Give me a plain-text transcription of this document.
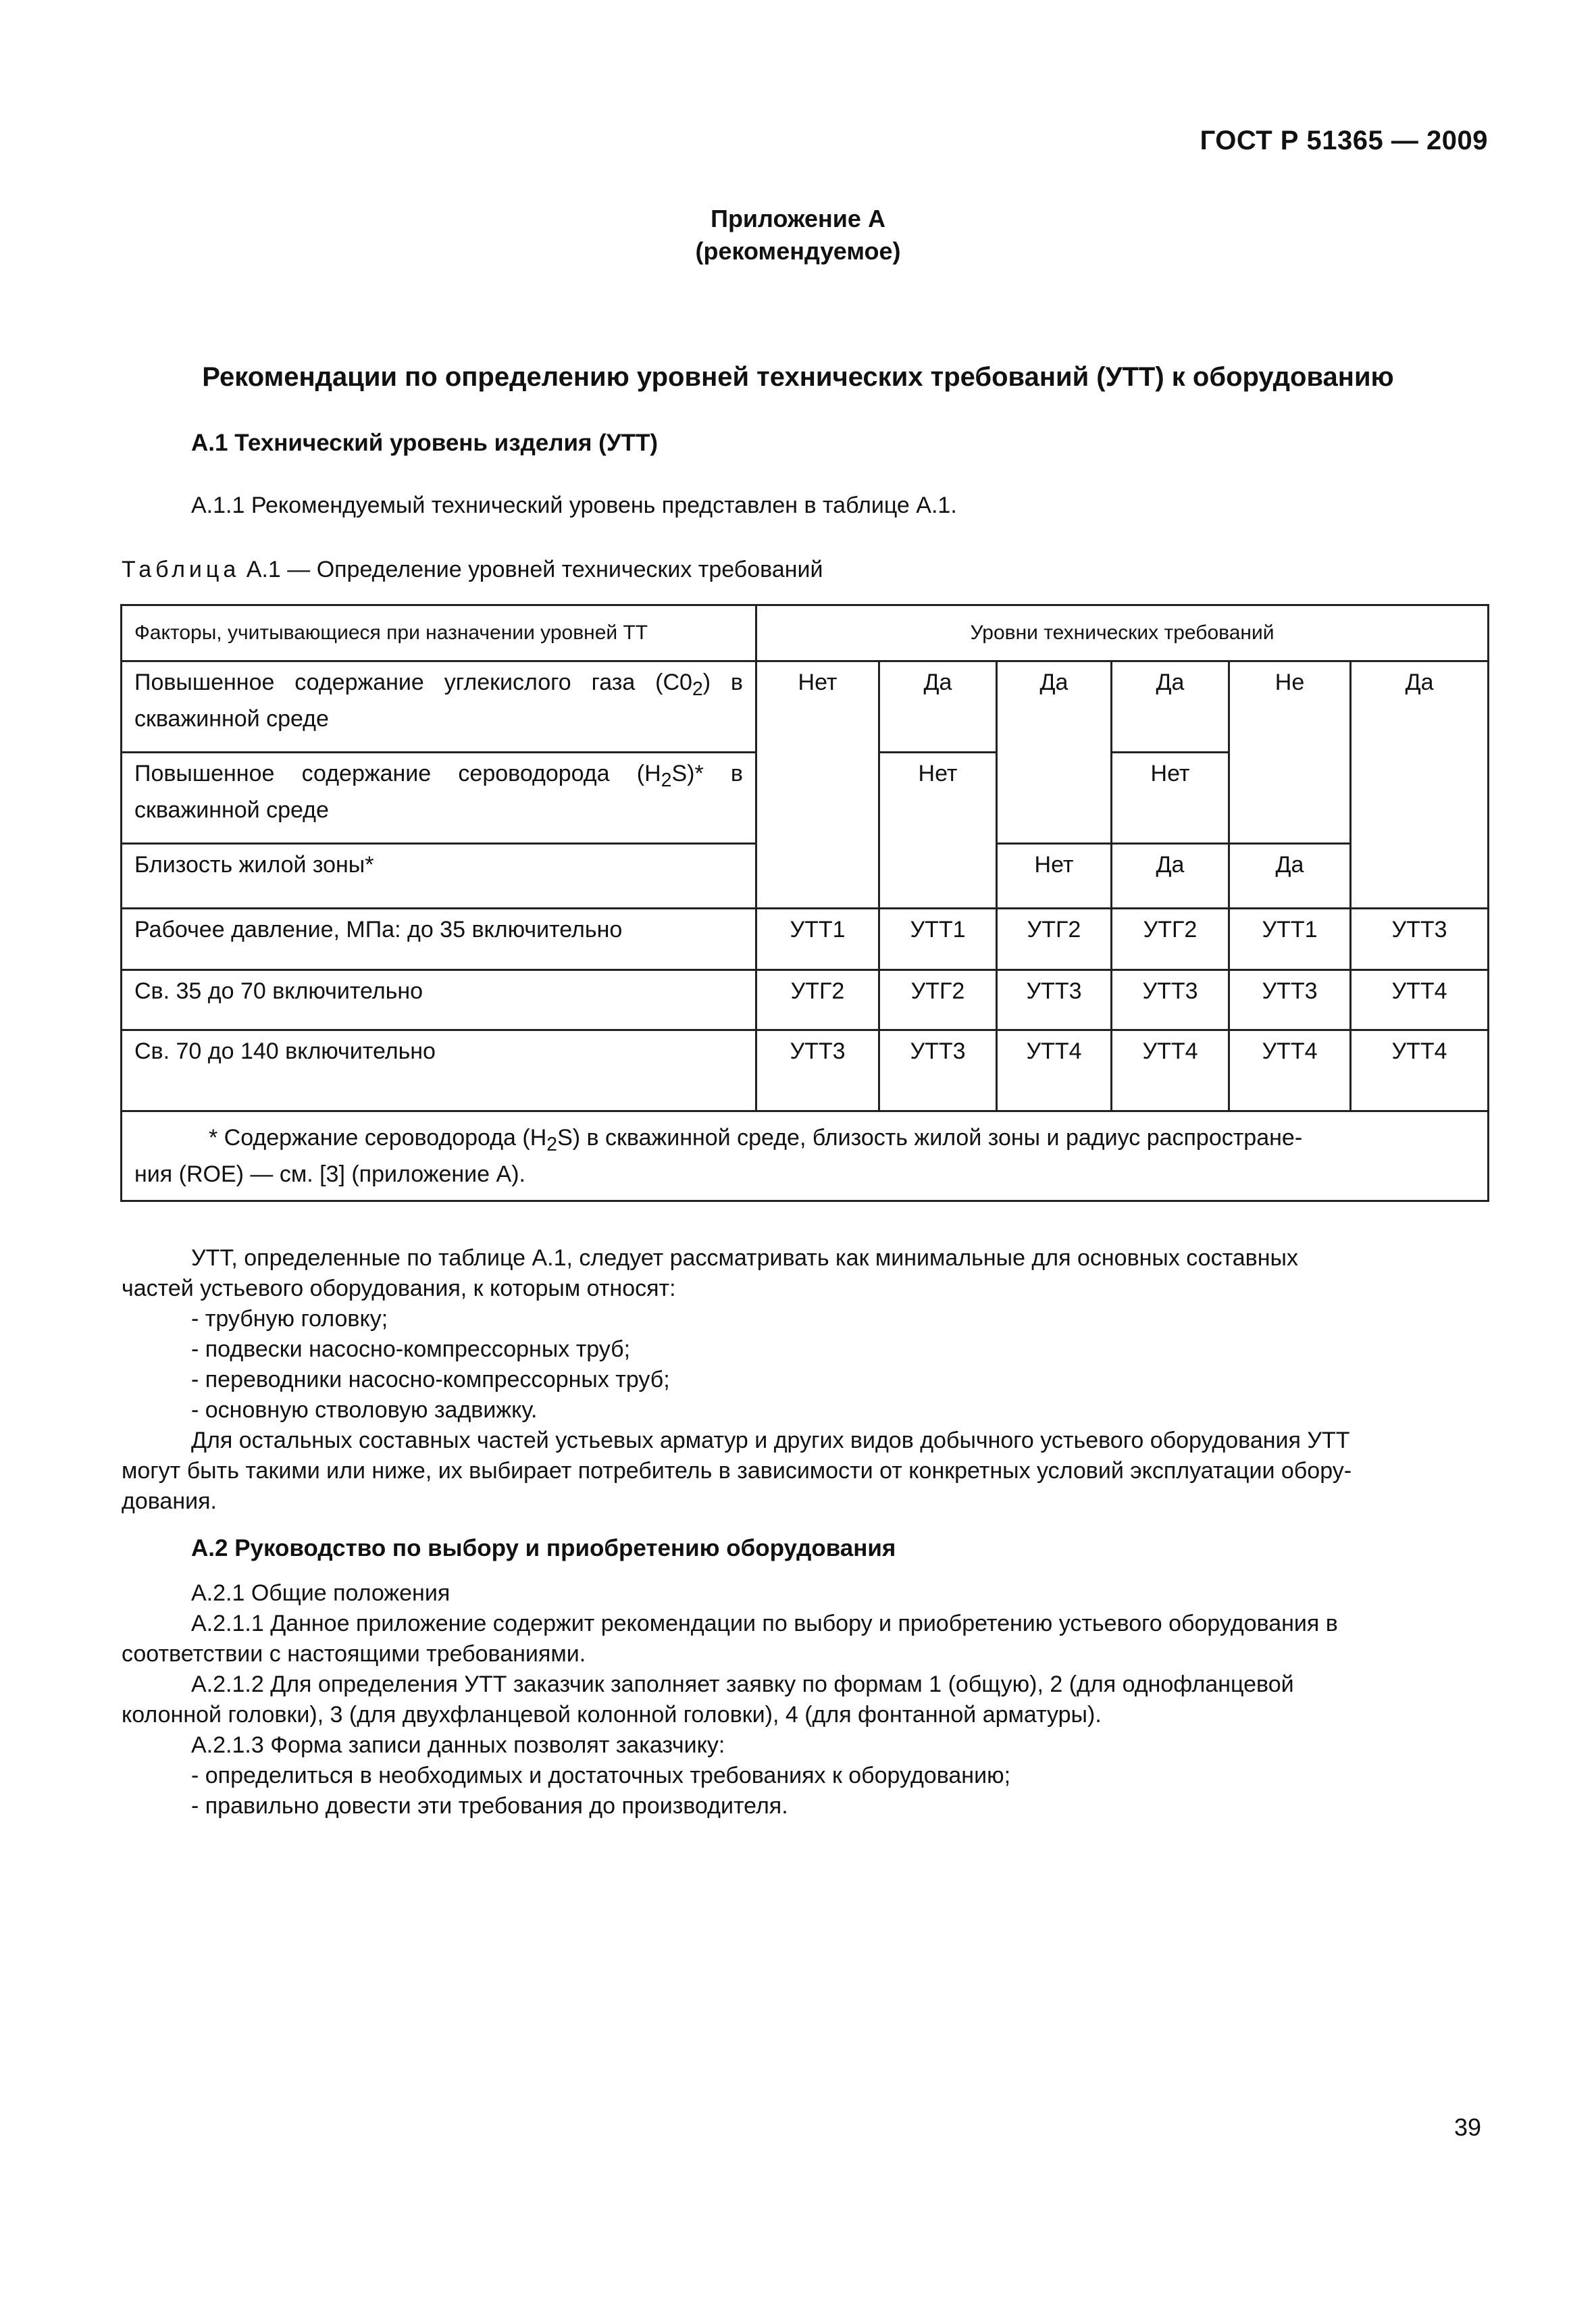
ГОСТ Р 51365 — 2009
Приложение А
(рекомендуемое)
Рекомендации по определению уровней технических требований (УТТ) к оборудованию
А.1 Технический уровень изделия (УТТ)
А.1.1 Рекомендуемый технический уровень представлен в таблице А.1.
Таблица А.1 — Определение уровней технических требований
Факторы, учитывающиеся при назначении уровней ТТ	Уровни технических требований					
Повышенное содержание углекислого газа $(С0_2)$ в скважинной среде	Нет	Да	Да	Да	Не	Да
Повышенное содержание сероводорода $(Н_2S)*$ в скважинной среде		Нет		Нет		
Близость жилой зоны*			Нет	Да	Да	
Рабочее давление, МПа: до 35 включительно	УТТ1	УТТ1	УТГ2	УТГ2	УТТ1	УТТ3
Св. 35 до 70 включительно	УТГ2	УТГ2	УТТ3	УТТ3	УТТ3	УТТ4
Св. 70 до 140 включительно	УТТ3	УТТ3	УТТ4	УТТ4	УТТ4	УТТ4

* Содержание сероводорода $(Н_2S)$ в скважинной среде, близость жилой зоны и радиус распростране-
ния (ROE) — см. [3] (приложение А).						
УТТ, определенные по таблице А.1, следует рассматривать как минимальные для основных составных
частей устьевого оборудования, к которым относят:
- трубную головку;
- подвески насосно-компрессорных труб;
- переводники насосно-компрессорных труб;
- основную стволовую задвижку.
Для остальных составных частей устьевых арматур и других видов добычного устьевого оборудования УТТ
могут быть такими или ниже, их выбирает потребитель в зависимости от конкретных условий эксплуатации обору-
дования.
А.2 Руководство по выбору и приобретению оборудования
А.2.1 Общие положения
А.2.1.1 Данное приложение содержит рекомендации по выбору и приобретению устьевого оборудования в
соответствии с настоящими требованиями.
А.2.1.2 Для определения УТТ заказчик заполняет заявку по формам 1 (общую), 2 (для однофланцевой
колонной головки), 3 (для двухфланцевой колонной головки), 4 (для фонтанной арматуры).
А.2.1.3 Форма записи данных позволят заказчику:
- определиться в необходимых и достаточных требованиях к оборудованию;
- правильно довести эти требования до производителя.
39
